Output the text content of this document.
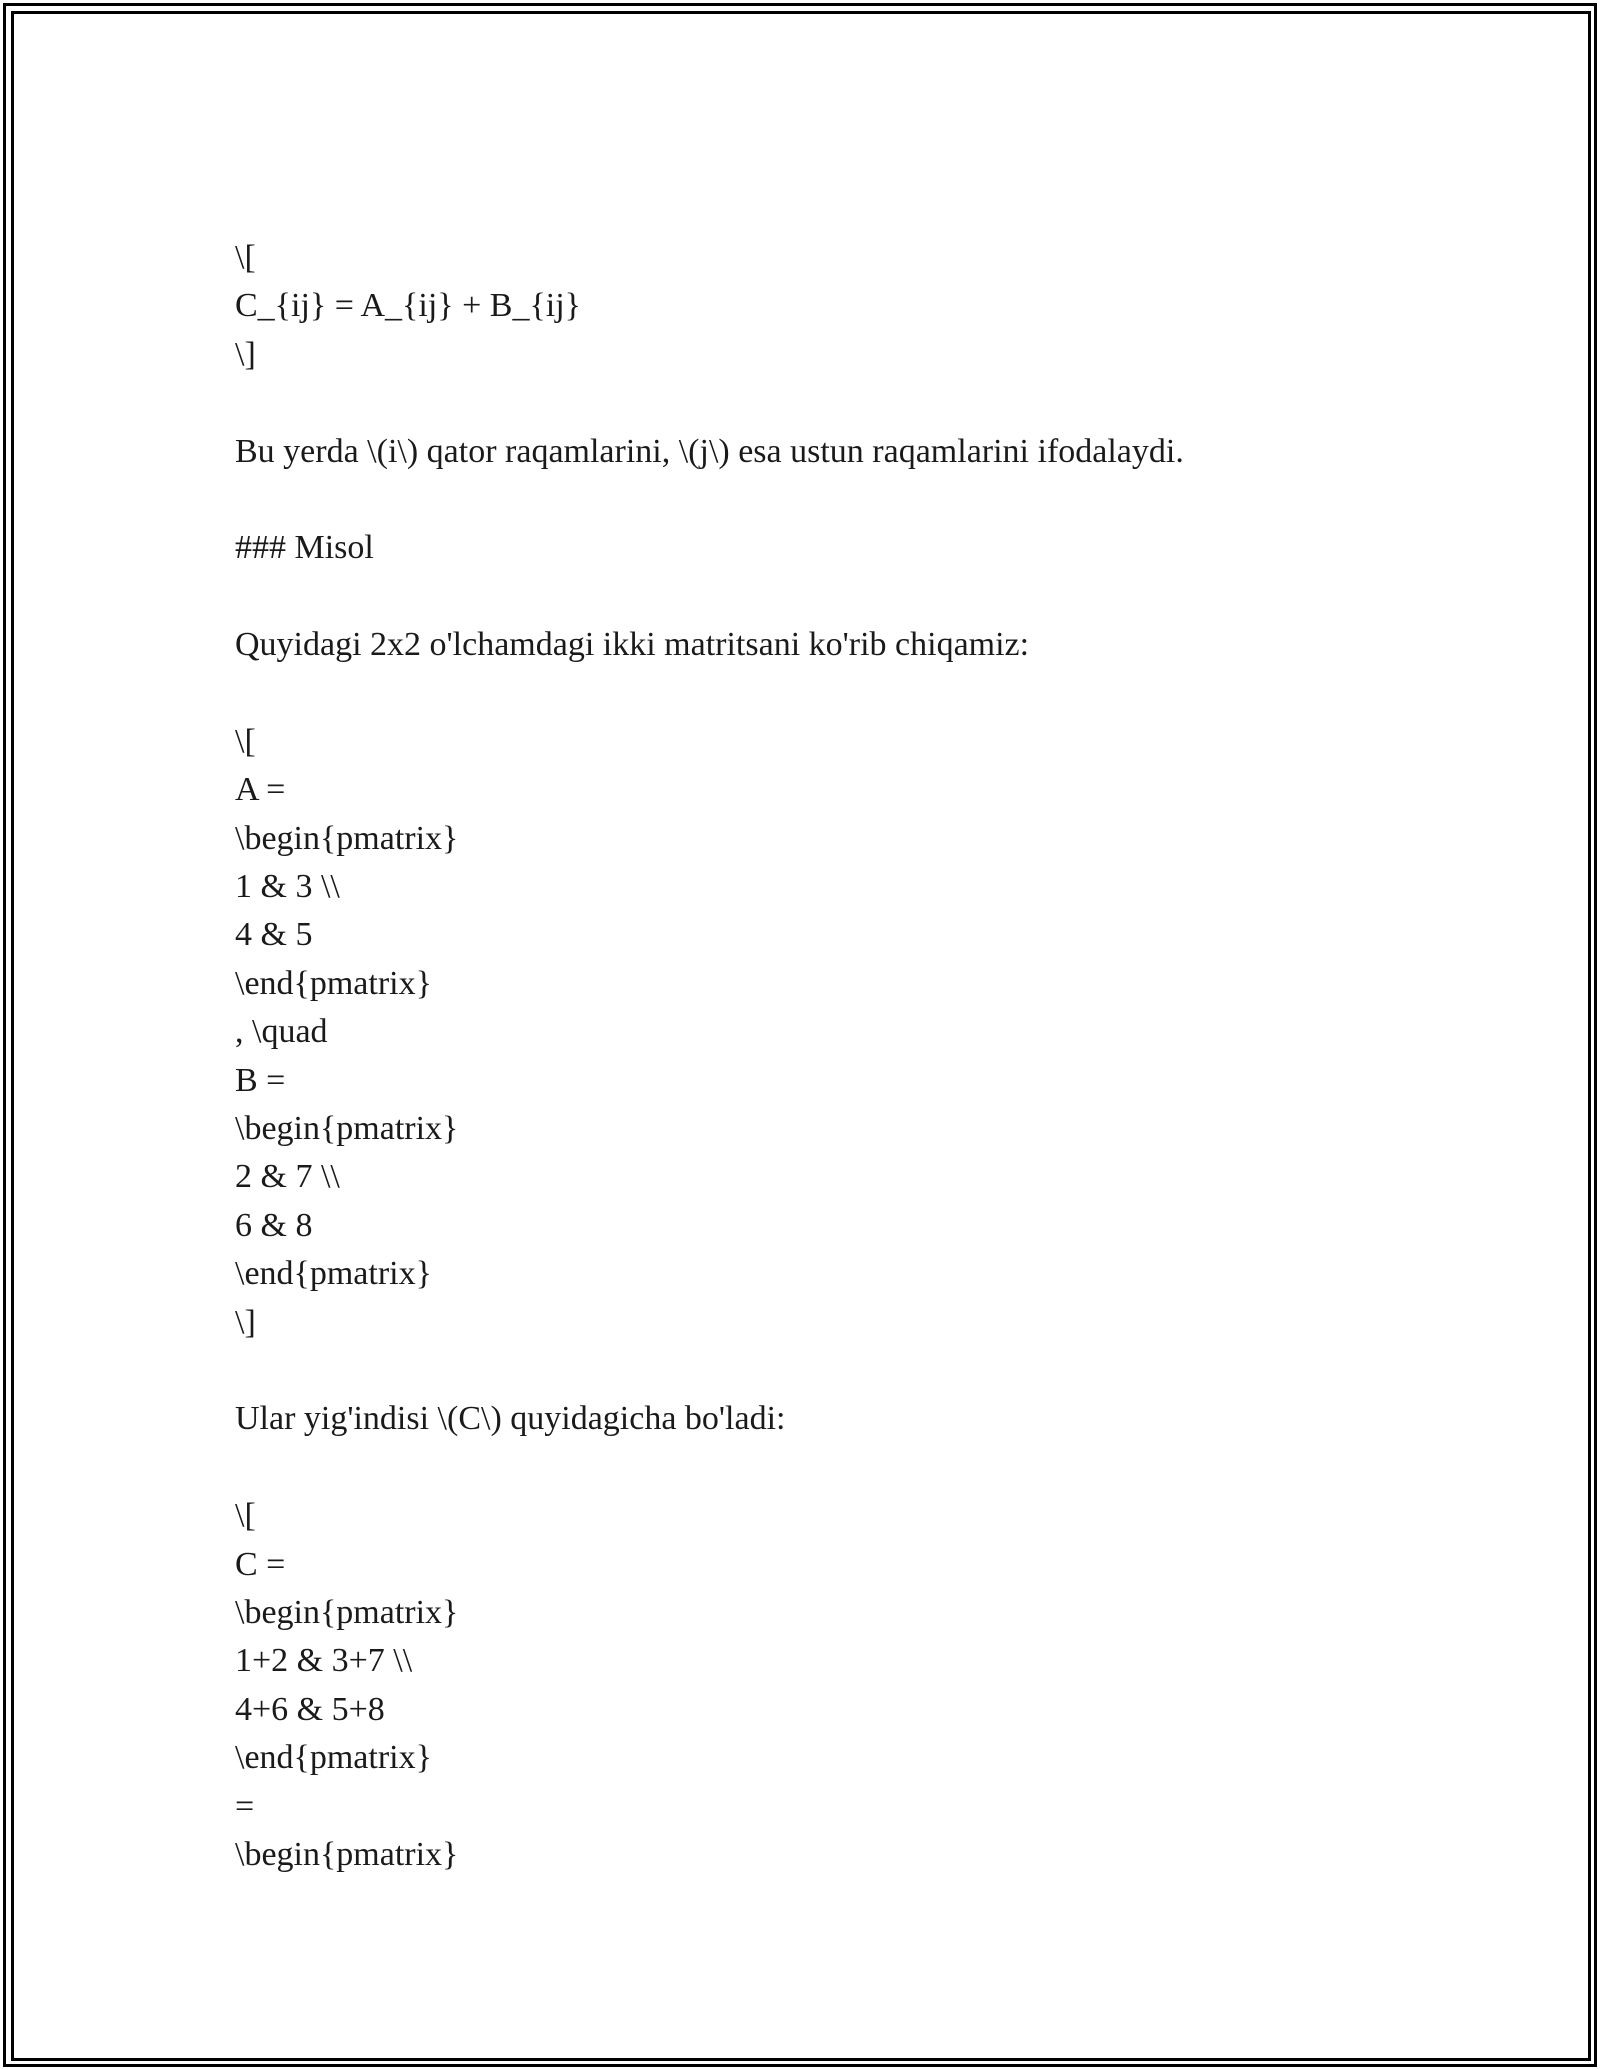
\[
C_{ij} = A_{ij} + B_{ij}
\]
Bu yerda \(i\) qator raqamlarini, \(j\) esa ustun raqamlarini ifodalaydi.
### Misol
Quyidagi 2x2 o'lchamdagi ikki matritsani ko'rib chiqamiz:
\[
A =
\begin{pmatrix}
1 & 3 \\
4 & 5
\end{pmatrix}
, \quad
B =
\begin{pmatrix}
2 & 7 \\
6 & 8
\end{pmatrix}
\]
Ular yig'indisi \(C\) quyidagicha bo'ladi:
\[
C =
\begin{pmatrix}
1+2 & 3+7 \\
4+6 & 5+8
\end{pmatrix}
=
\begin{pmatrix}
